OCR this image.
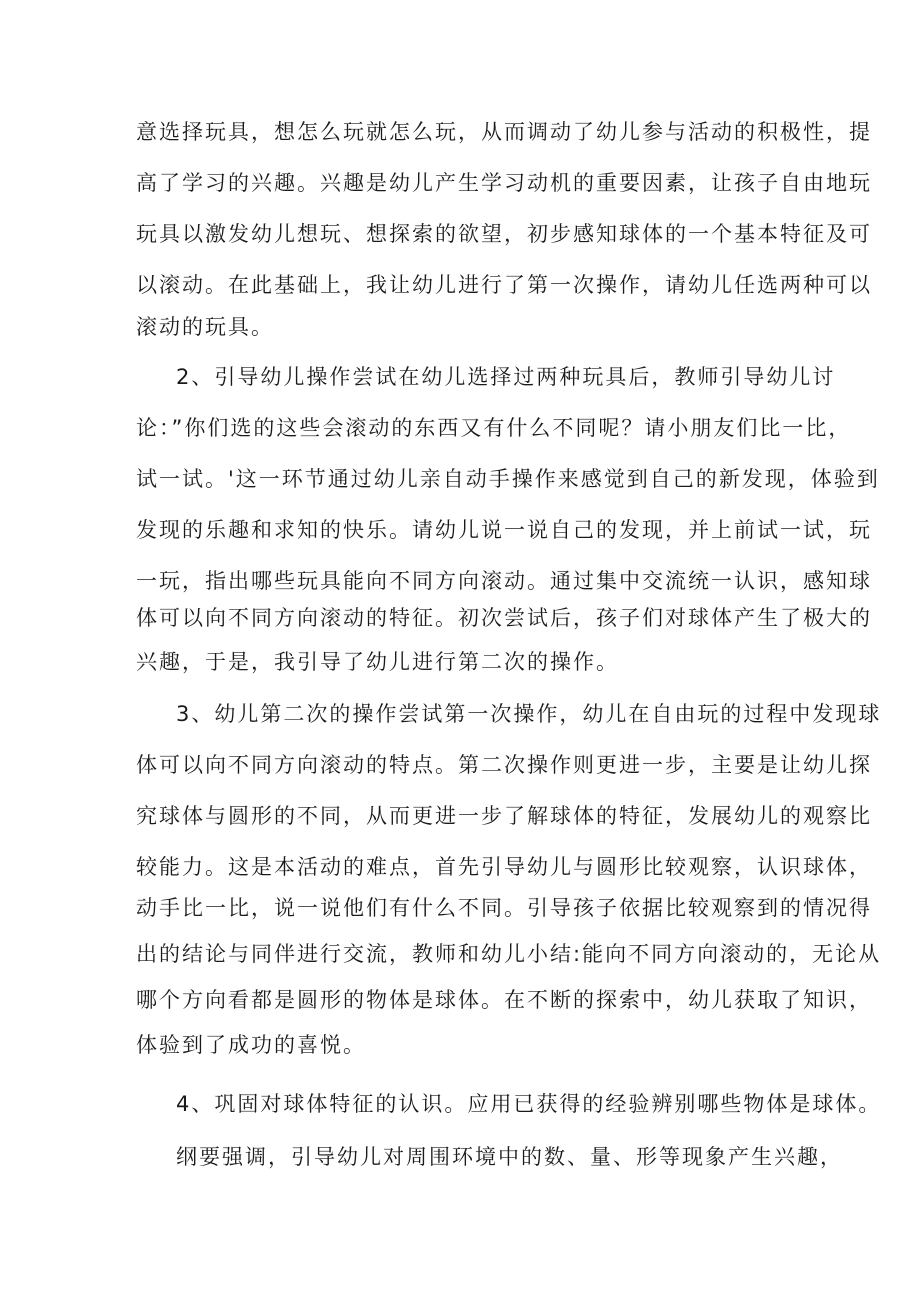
意选择玩具，想怎么玩就怎么玩，从而调动了幼儿参与活动的积极性，提
高了学习的兴趣。兴趣是幼儿产生学习动机的重要因素，让孩子自由地玩
玩具以激发幼儿想玩、想探索的欲望，初步感知球体的一个基本特征及可
以滚动。在此基础上，我让幼儿进行了第一次操作，请幼儿任选两种可以
滚动的玩具。
2、引导幼儿操作尝试在幼儿选择过两种玩具后，教师引导幼儿讨
论：”你们选的这些会滚动的东西又有什么不同呢？请小朋友们比一比，
试一试。'这一环节通过幼儿亲自动手操作来感觉到自己的新发现，体验到
发现的乐趣和求知的快乐。请幼儿说一说自己的发现，并上前试一试，玩
一玩，指出哪些玩具能向不同方向滚动。通过集中交流统一认识，感知球
体可以向不同方向滚动的特征。初次尝试后，孩子们对球体产生了极大的
兴趣，于是，我引导了幼儿进行第二次的操作。
3、幼儿第二次的操作尝试第一次操作，幼儿在自由玩的过程中发现球
体可以向不同方向滚动的特点。第二次操作则更进一步，主要是让幼儿探
究球体与圆形的不同，从而更进一步了解球体的特征，发展幼儿的观察比
较能力。这是本活动的难点，首先引导幼儿与圆形比较观察，认识球体，
动手比一比，说一说他们有什么不同。引导孩子依据比较观察到的情况得
出的结论与同伴进行交流，教师和幼儿小结:能向不同方向滚动的，无论从
哪个方向看都是圆形的物体是球体。在不断的探索中，幼儿获取了知识，
体验到了成功的喜悦。
4、巩固对球体特征的认识。应用已获得的经验辨别哪些物体是球体。
纲要强调，引导幼儿对周围环境中的数、量、形等现象产生兴趣，
